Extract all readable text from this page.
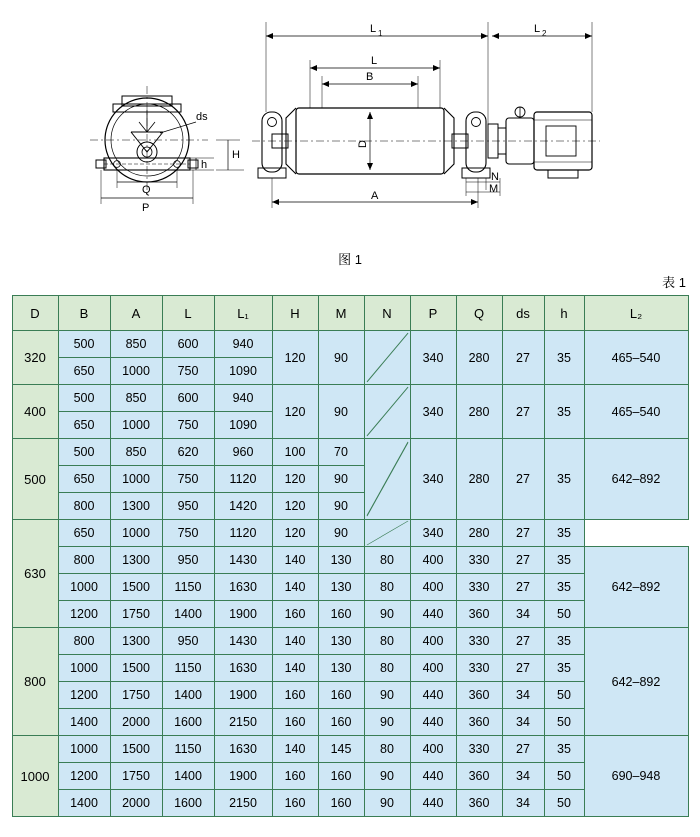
ds
h
H
Q
P
D
B
L
L 1	L 2
A
N
M
图 1
表 1
D	B	A	L	L₁	H	M	N	P	Q	ds	h	L₂
320	500	850	600	940	120	90		340	280	27	35	465–540
	650	1000	750	1090								
400	500	850	600	940	120	90		340	280	27	35	465–540
	650	1000	750	1090								
500	500	850	620	960	100	70		340	280	27	35	642–892
	650	1000	750	1120	120	90						
	800	1300	950	1420	120	90						
630	650	1000	750	1120	120	90		340	280	27	35	
	800	1300	950	1430	140	130	80	400	330	27	35	642–892
	1000	1500	1150	1630	140	130	80	400	330	27	35	
	1200	1750	1400	1900	160	160	90	440	360	34	50	
800	800	1300	950	1430	140	130	80	400	330	27	35	642–892
	1000	1500	1150	1630	140	130	80	400	330	27	35	
	1200	1750	1400	1900	160	160	90	440	360	34	50	
	1400	2000	1600	2150	160	160	90	440	360	34	50	
1000	1000	1500	1150	1630	140	145	80	400	330	27	35	690–948
	1200	1750	1400	1900	160	160	90	440	360	34	50	
	1400	2000	1600	2150	160	160	90	440	360	34	50	
